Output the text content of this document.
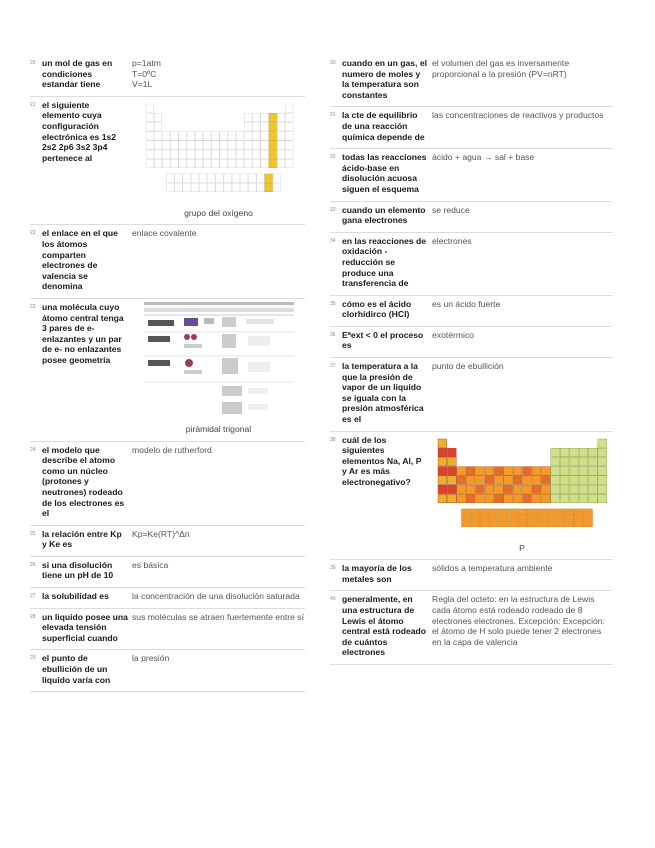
20 un mol de gas en condiciones estandar tiene
p=1atm
T=0ºC
V=1L
21 el siguiente elemento cuya configuración electrónica es 1s2 2s2 2p6 3s2 3p4 pertenece al
grupo del oxígeno
22 el enlace en el que los átomos comparten electrones de valencia se denomina
enlace covalente
23 una molécula cuyo átomo central tenga 3 pares de e- enlazantes y un par de e- no enlazantes posee geometría
pirámidal trigonal
24 el modelo que describe el atomo como un núcleo (protones y neutrones) rodeado de los electrones es el
modelo de rutherford
25 la relación entre Kp y Ke es
Kp=Ke(RT)^Δn
26 si una disolución tiene un pH de 10
es básica
27 la solubilidad es	la concentración de una disolución saturada
28 un liquido posee una elevada tensión superficial cuando
sus moléculas se atraen fuertemente entre sí
29 el punto de ebullición de un liquido varía con
la presión
30 cuando en un gas, el numero de moles y la temperatura son constantes
el volumen del gas es inversamente proporcional a la presión (PV=nRT)
31 la cte de equilibrio de una reacción química depende de
las concentraciones de reactivos y productos
32 todas las reacciones ácido-base en disolución acuosa siguen el esquema
ácido + agua → sal + base
33 cuando un elemento gana electrones
se reduce
34 en las reacciones de oxidación - reducción se produce una transferencia de
electrones
35 cómo es el ácido clorhídirco (HCl)
es un ácido fuerte
36 Eªext < 0 el proceso es
exotérmico
37 la temperatura a la que la presión de vapor de un liquido se iguala con la presión atmosférica es el
punto de ebullición
38 cuál de los siguientes elementos Na, Al, P y Ar es más electronegativo?
P
39 la mayoría de los metales son
sólidos a temperatura ambiente
40 generalmente, en una estructura de Lewis el átomo central está rodeado de cuántos electrones
Regla del octeto: en la estructura de Lewis cada átomo está rodeado rodeado de 8 electrones electrones. Excepción: Excepción: el átomo de H solo puede tener 2 electrones en la capa de valencia
